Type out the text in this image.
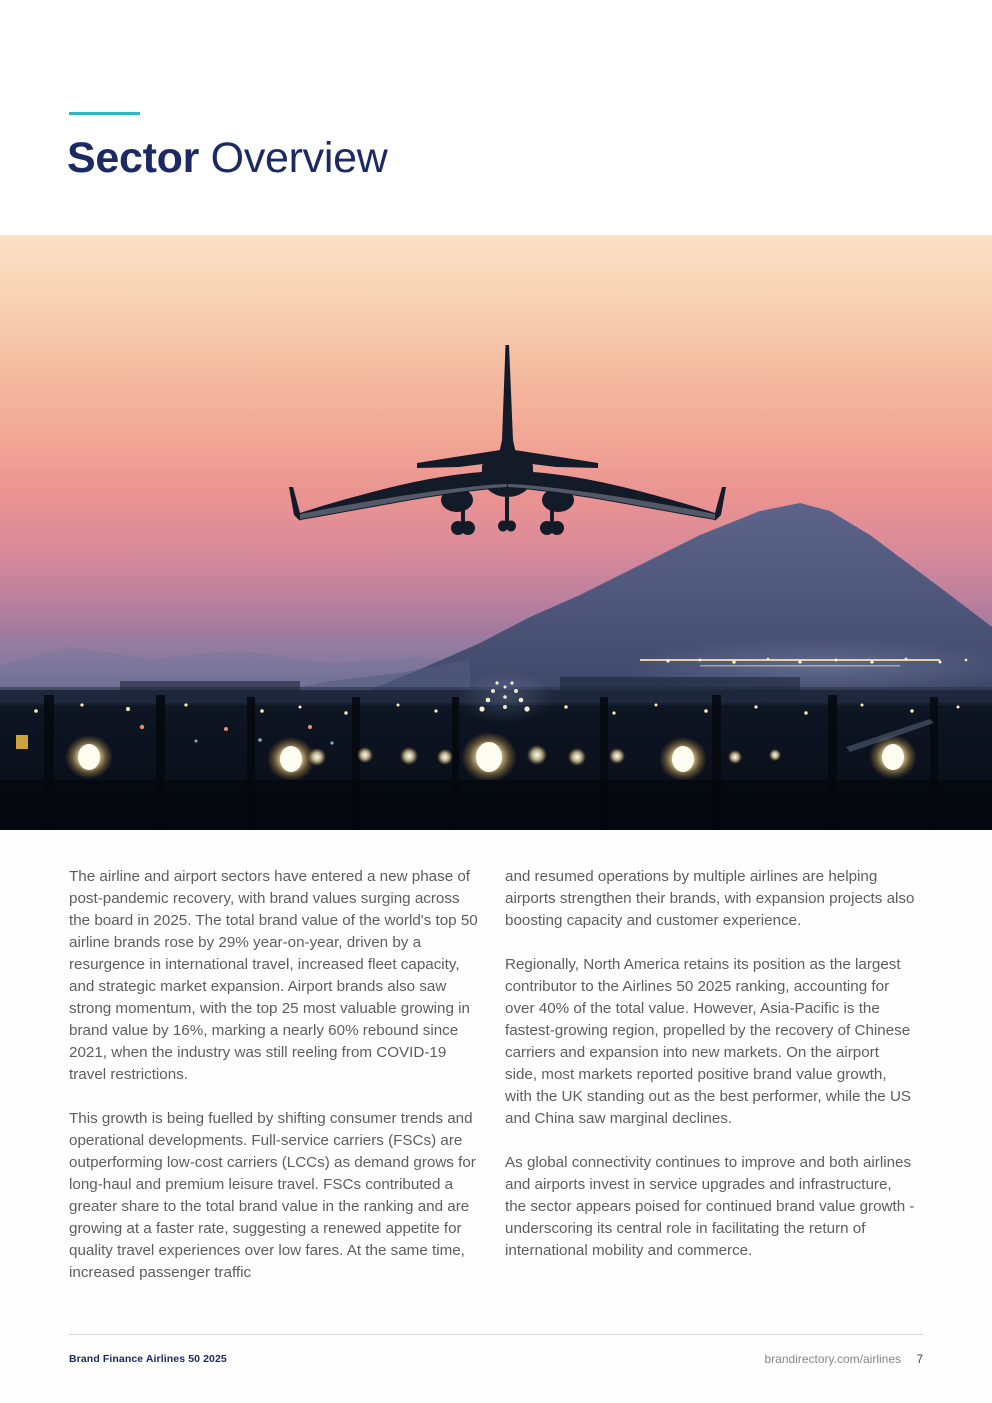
Sector Overview

The airline and airport sectors have entered a new phase of post-pandemic recovery, with brand values surging across the board in 2025. The total brand value of the world's top 50 airline brands rose by 29% year-on-year, driven by a resurgence in international travel, increased fleet capacity, and strategic market expansion. Airport brands also saw strong momentum, with the top 25 most valuable growing in brand value by 16%, marking a nearly 60% rebound since 2021, when the industry was still reeling from COVID-19 travel restrictions.

This growth is being fuelled by shifting consumer trends and operational developments. Full-service carriers (FSCs) are outperforming low-cost carriers (LCCs) as demand grows for long-haul and premium leisure travel. FSCs contributed a greater share to the total brand value in the ranking and are growing at a faster rate, suggesting a renewed appetite for quality travel experiences over low fares. At the same time, increased passenger traffic

and resumed operations by multiple airlines are helping airports strengthen their brands, with expansion projects also boosting capacity and customer experience.

Regionally, North America retains its position as the largest contributor to the Airlines 50 2025 ranking, accounting for over 40% of the total value. However, Asia-Pacific is the fastest-growing region, propelled by the recovery of Chinese carriers and expansion into new markets. On the airport side, most markets reported positive brand value growth, with the UK standing out as the best performer, while the US and China saw marginal declines.

As global connectivity continues to improve and both airlines and airports invest in service upgrades and infrastructure, the sector appears poised for continued brand value growth - underscoring its central role in facilitating the return of international mobility and commerce.

Brand Finance Airlines 50 2025	brandirectory.com/airlines 7
